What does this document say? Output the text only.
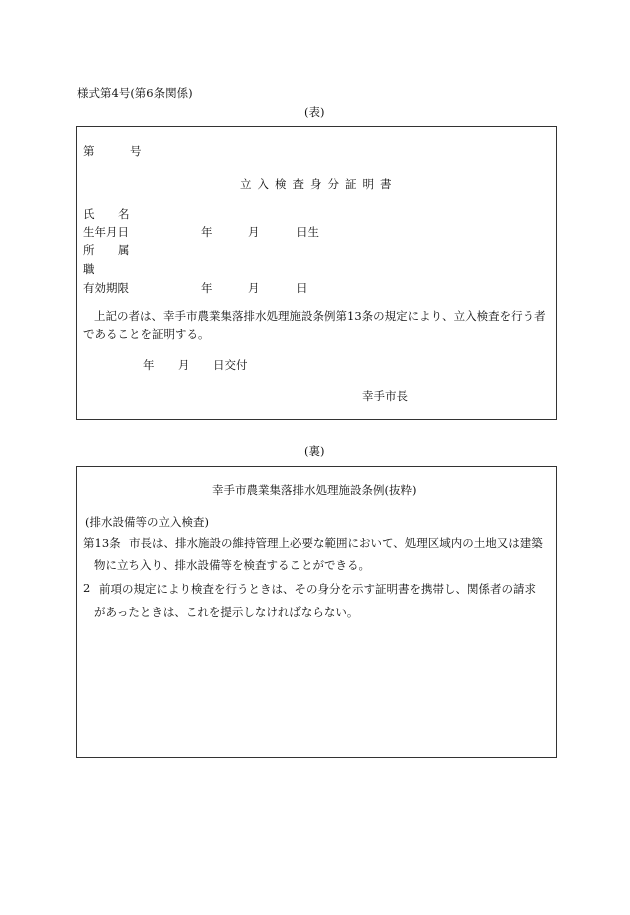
様式第4号(第6条関係)
(表)
第	号
立入検査身分証明書
氏 名
生年月日	年	月	日生
所 属
職
有効期限	年	月	日
上記の者は、幸手市農業集落排水処理施設条例第13条の規定により、立入検査を行う者
であることを証明する。
年 月 日交付
幸手市長
(裏)
幸手市農業集落排水処理施設条例(抜粋)
(排水設備等の立入検査)
第13条 市長は、排水施設の維持管理上必要な範囲において、処理区域内の土地又は建築
物に立ち入り、排水設備等を検査することができる。
2 前項の規定により検査を行うときは、その身分を示す証明書を携帯し、関係者の請求
があったときは、これを提示しなければならない。
